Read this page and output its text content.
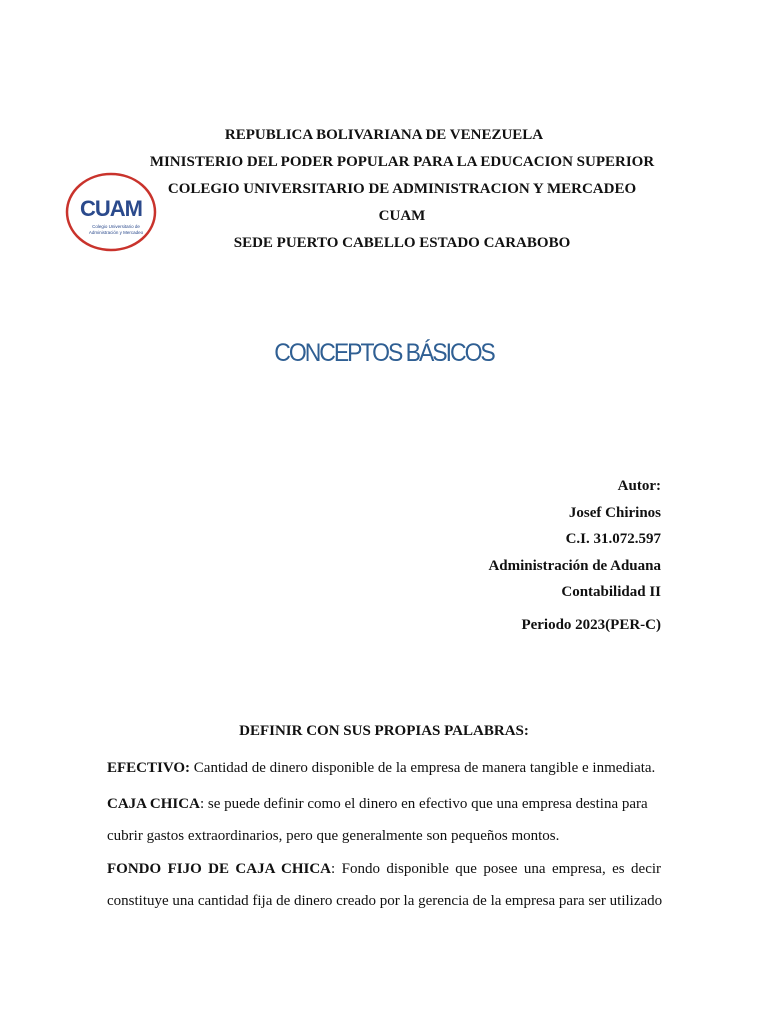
CUAM
Colegio Universitario de
Administración y Mercadeo
REPUBLICA BOLIVARIANA DE VENEZUELA
MINISTERIO DEL PODER POPULAR PARA LA EDUCACION SUPERIOR
COLEGIO UNIVERSITARIO DE ADMINISTRACION Y MERCADEO
CUAM
SEDE PUERTO CABELLO ESTADO CARABOBO
CONCEPTOS BÁSICOS
Autor:
Josef Chirinos
C.I. 31.072.597
Administración de Aduana
Contabilidad II
Periodo 2023(PER-C)
DEFINIR CON SUS PROPIAS PALABRAS:
EFECTIVO: Cantidad de dinero disponible de la empresa de manera tangible e inmediata.
CAJA CHICA: se puede definir como el dinero en efectivo que una empresa destina para
cubrir gastos extraordinarios, pero que generalmente son pequeños montos.
FONDO FIJO DE CAJA CHICA: Fondo disponible que posee una empresa, es decir
constituye una cantidad fija de dinero creado por la gerencia de la empresa para ser utilizado
